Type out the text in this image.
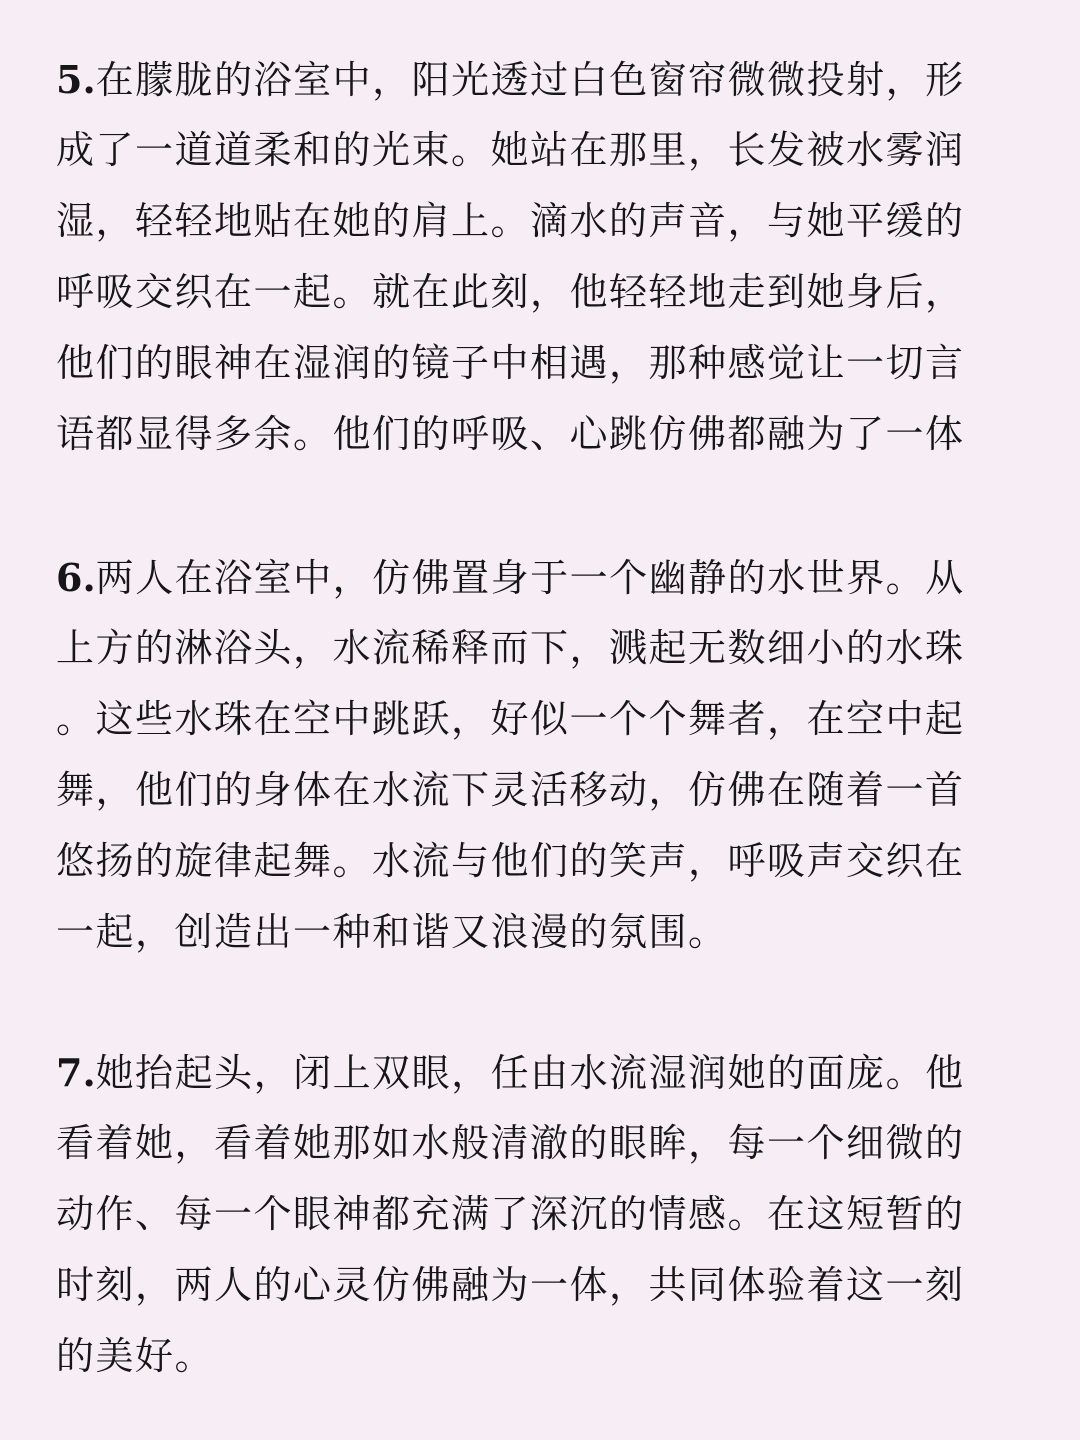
5.在朦胧的浴室中，阳光透过白色窗帘微微投射，形
成了一道道柔和的光束。她站在那里，长发被水雾润
湿，轻轻地贴在她的肩上。滴水的声音，与她平缓的
呼吸交织在一起。就在此刻，他轻轻地走到她身后，
他们的眼神在湿润的镜子中相遇，那种感觉让一切言
语都显得多余。他们的呼吸、心跳仿佛都融为了一体
6.两人在浴室中，仿佛置身于一个幽静的水世界。从
上方的淋浴头，水流稀释而下，溅起无数细小的水珠
。这些水珠在空中跳跃，好似一个个舞者，在空中起
舞，他们的身体在水流下灵活移动，仿佛在随着一首
悠扬的旋律起舞。水流与他们的笑声，呼吸声交织在
一起，创造出一种和谐又浪漫的氛围。
7.她抬起头，闭上双眼，任由水流湿润她的面庞。他
看着她，看着她那如水般清澈的眼眸，每一个细微的
动作、每一个眼神都充满了深沉的情感。在这短暂的
时刻，两人的心灵仿佛融为一体，共同体验着这一刻
的美好。
